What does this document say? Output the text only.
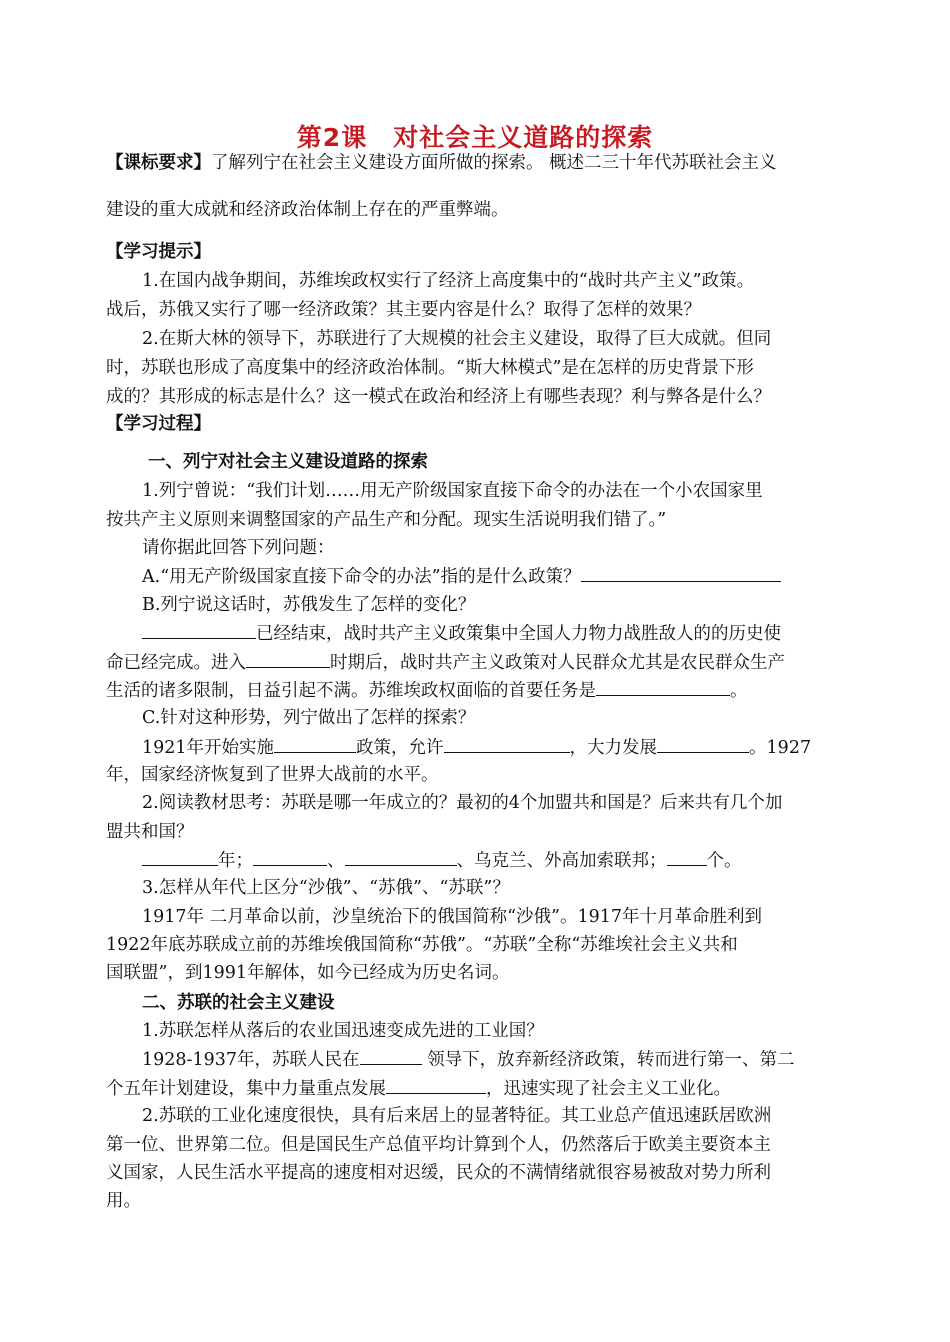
第2课　对社会主义道路的探索
【课标要求】了解列宁在社会主义建设方面所做的探索。 概述二三十年代苏联社会主义
建设的重大成就和经济政治体制上存在的严重弊端。
【学习提示】
1.在国内战争期间，苏维埃政权实行了经济上高度集中的“战时共产主义”政策。
战后，苏俄又实行了哪一经济政策？其主要内容是什么？取得了怎样的效果？
2.在斯大林的领导下，苏联进行了大规模的社会主义建设，取得了巨大成就。但同
时，苏联也形成了高度集中的经济政治体制。“斯大林模式”是在怎样的历史背景下形
成的？其形成的标志是什么？这一模式在政治和经济上有哪些表现？利与弊各是什么？
【学习过程】
一、列宁对社会主义建设道路的探索
1.列宁曾说：“我们计划……用无产阶级国家直接下命令的办法在一个小农国家里
按共产主义原则来调整国家的产品生产和分配。现实生活说明我们错了。”
请你据此回答下列问题：
A.“用无产阶级国家直接下命令的办法”指的是什么政策？
B.列宁说这话时，苏俄发生了怎样的变化？
已经结束，战时共产主义政策集中全国人力物力战胜敌人的的历史使
命已经完成。进入	时期后，战时共产主义政策对人民群众尤其是农民群众生产
生活的诸多限制，日益引起不满。苏维埃政权面临的首要任务是	。
C.针对这种形势，列宁做出了怎样的探索？
1921年开始实施	政策，允许	，大力发展	。1927
年，国家经济恢复到了世界大战前的水平。
2.阅读教材思考：苏联是哪一年成立的？最初的4个加盟共和国是？后来共有几个加
盟共和国？
年；	、	、乌克兰、外高加索联邦； 个。
3.怎样从年代上区分“沙俄”、“苏俄”、“苏联”？
1917年 二月革命以前，沙皇统治下的俄国简称“沙俄”。1917年十月革命胜利到
1922年底苏联成立前的苏维埃俄国简称“苏俄”。“苏联”全称“苏维埃社会主义共和
国联盟”，到1991年解体，如今已经成为历史名词。
二、苏联的社会主义建设
1.苏联怎样从落后的农业国迅速变成先进的工业国？
1928-1937年，苏联人民在	领导下，放弃新经济政策，转而进行第一、第二
个五年计划建设，集中力量重点发展	，迅速实现了社会主义工业化。
2.苏联的工业化速度很快，具有后来居上的显著特征。其工业总产值迅速跃居欧洲
第一位、世界第二位。但是国民生产总值平均计算到个人，仍然落后于欧美主要资本主
义国家，人民生活水平提高的速度相对迟缓，民众的不满情绪就很容易被敌对势力所利
用。
